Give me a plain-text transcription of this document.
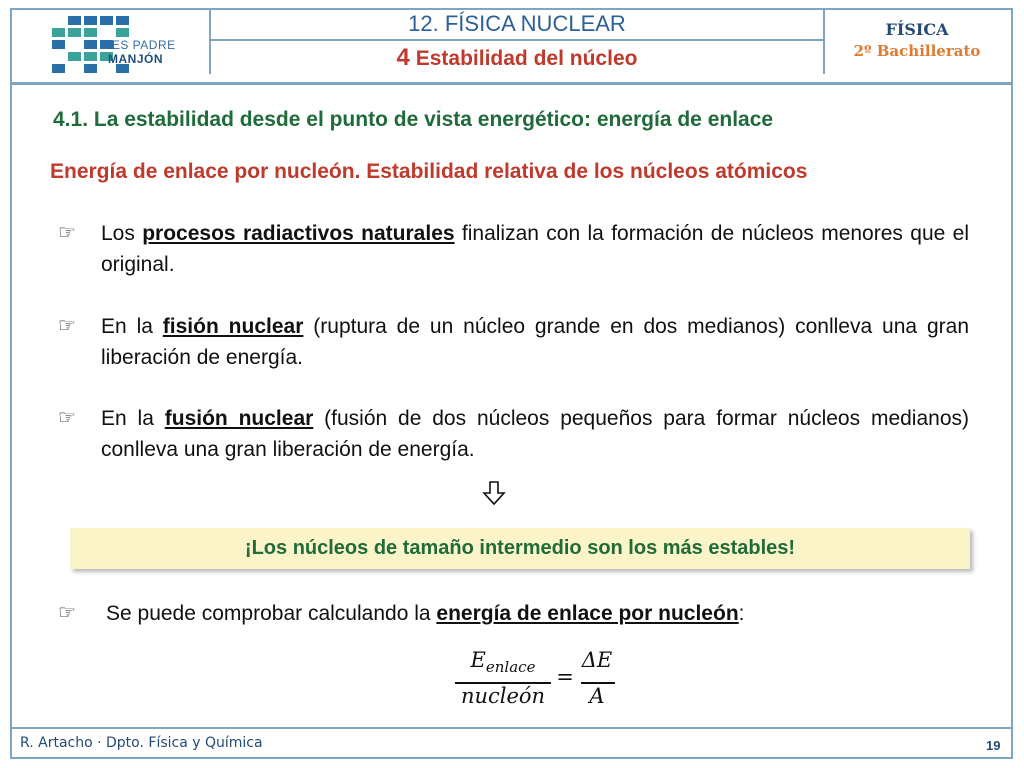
IES PADRE
MANJÓN
12. FÍSICA NUCLEAR
4 Estabilidad del núcleo
FÍSICA
2º Bachillerato
4.1. La estabilidad desde el punto de vista energético: energía de enlace
Energía de enlace por nucleón. Estabilidad relativa de los núcleos atómicos
☞	Los procesos radiactivos naturales finalizan con la formación de núcleos menores que el original.
☞	En la fisión nuclear (ruptura de un núcleo grande en dos medianos) conlleva una gran liberación de energía.
☞	En la fusión nuclear (fusión de dos núcleos pequeños para formar núcleos medianos) conlleva una gran liberación de energía.
¡Los núcleos de tamaño intermedio son los más estables!
☞	Se puede comprobar calculando la energía de enlace por nucleón:
$E_{enlace}$
nucleón
=
ΔE
A
R. Artacho · Dpto. Física y Química	19
